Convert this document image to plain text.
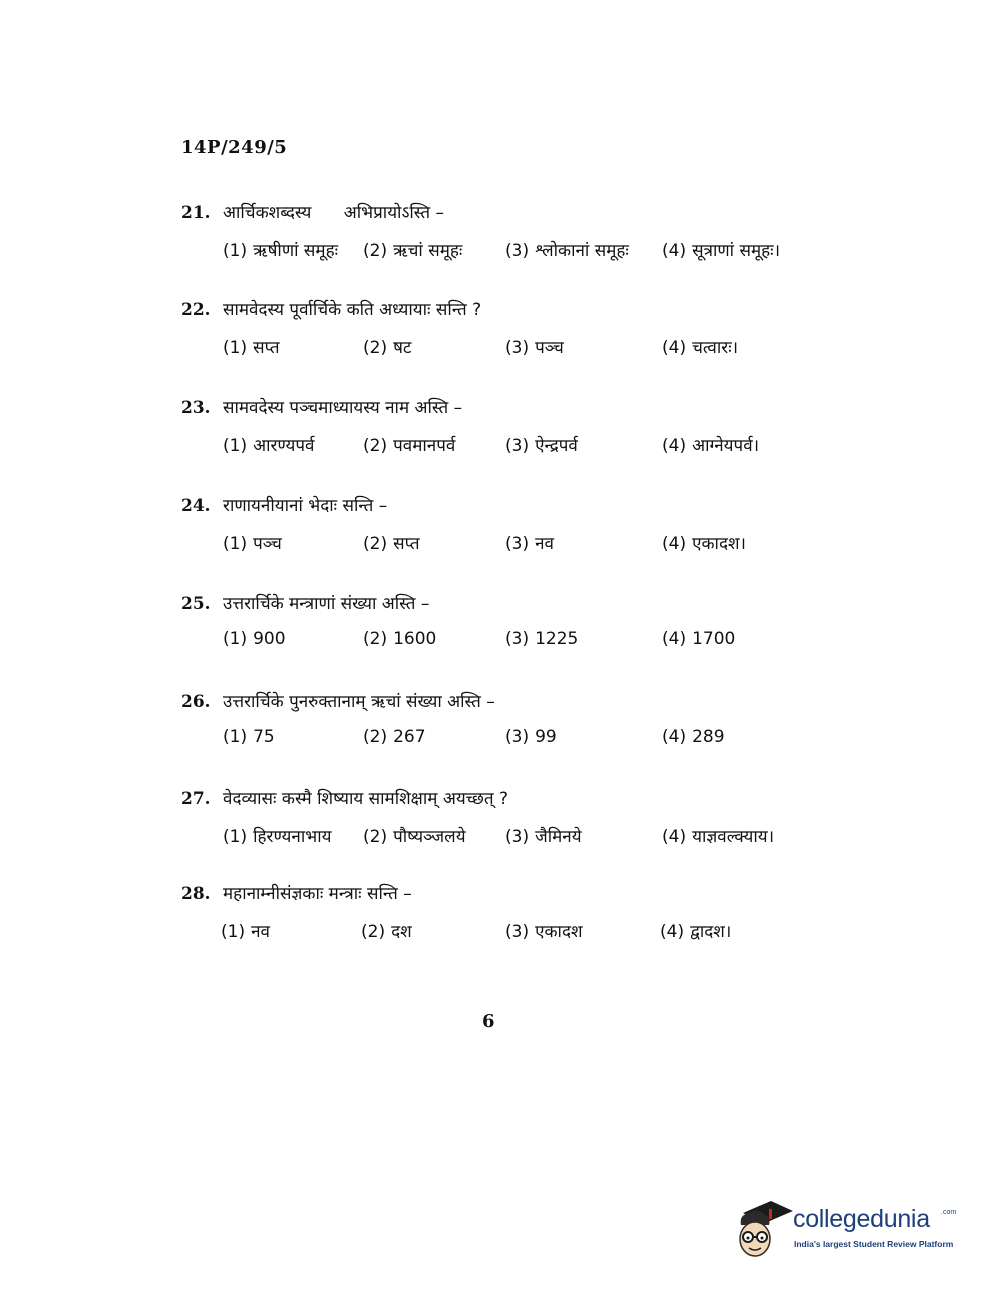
14P/249/5
21. आर्चिकशब्दस्य      अभिप्रायोऽस्ति –
(1) ऋषीणां समूहः (2) ऋचां समूहः	(3) श्लोकानां समूहः (4) सूत्राणां समूहः।
22. सामवेदस्य पूर्वार्चिके कति अध्यायाः सन्ति ?
(1) सप्त	(2) षट	(3) पञ्च	(4) चत्वारः।
23. सामवदेस्य पञ्चमाध्यायस्य नाम अस्ति –
(1) आरण्यपर्व	(2) पवमानपर्व	(3) ऐन्द्रपर्व	(4) आग्नेयपर्व।
24. राणायनीयानां भेदाः सन्ति –
(1) पञ्च	(2) सप्त	(3) नव	(4) एकादश।
25. उत्तरार्चिके मन्त्राणां संख्या अस्ति –
(1) 900	(2) 1600	(3) 1225	(4) 1700
26. उत्तरार्चिके पुनरुक्तानाम् ऋचां संख्या अस्ति –
(1) 75	(2) 267	(3) 99	(4) 289
27. वेदव्यासः कस्मै शिष्याय सामशिक्षाम् अयच्छत् ?
(1) हिरण्यनाभाय (2) पौष्यञ्जलये (3) जैमिनये	(4) याज्ञवल्क्याय।
28. महानाम्नीसंज्ञकाः मन्त्राः सन्ति –
(1) नव	(2) दश	(3) एकादश	(4) द्वादश।
6
collegedunia .com
India's largest Student Review Platform
